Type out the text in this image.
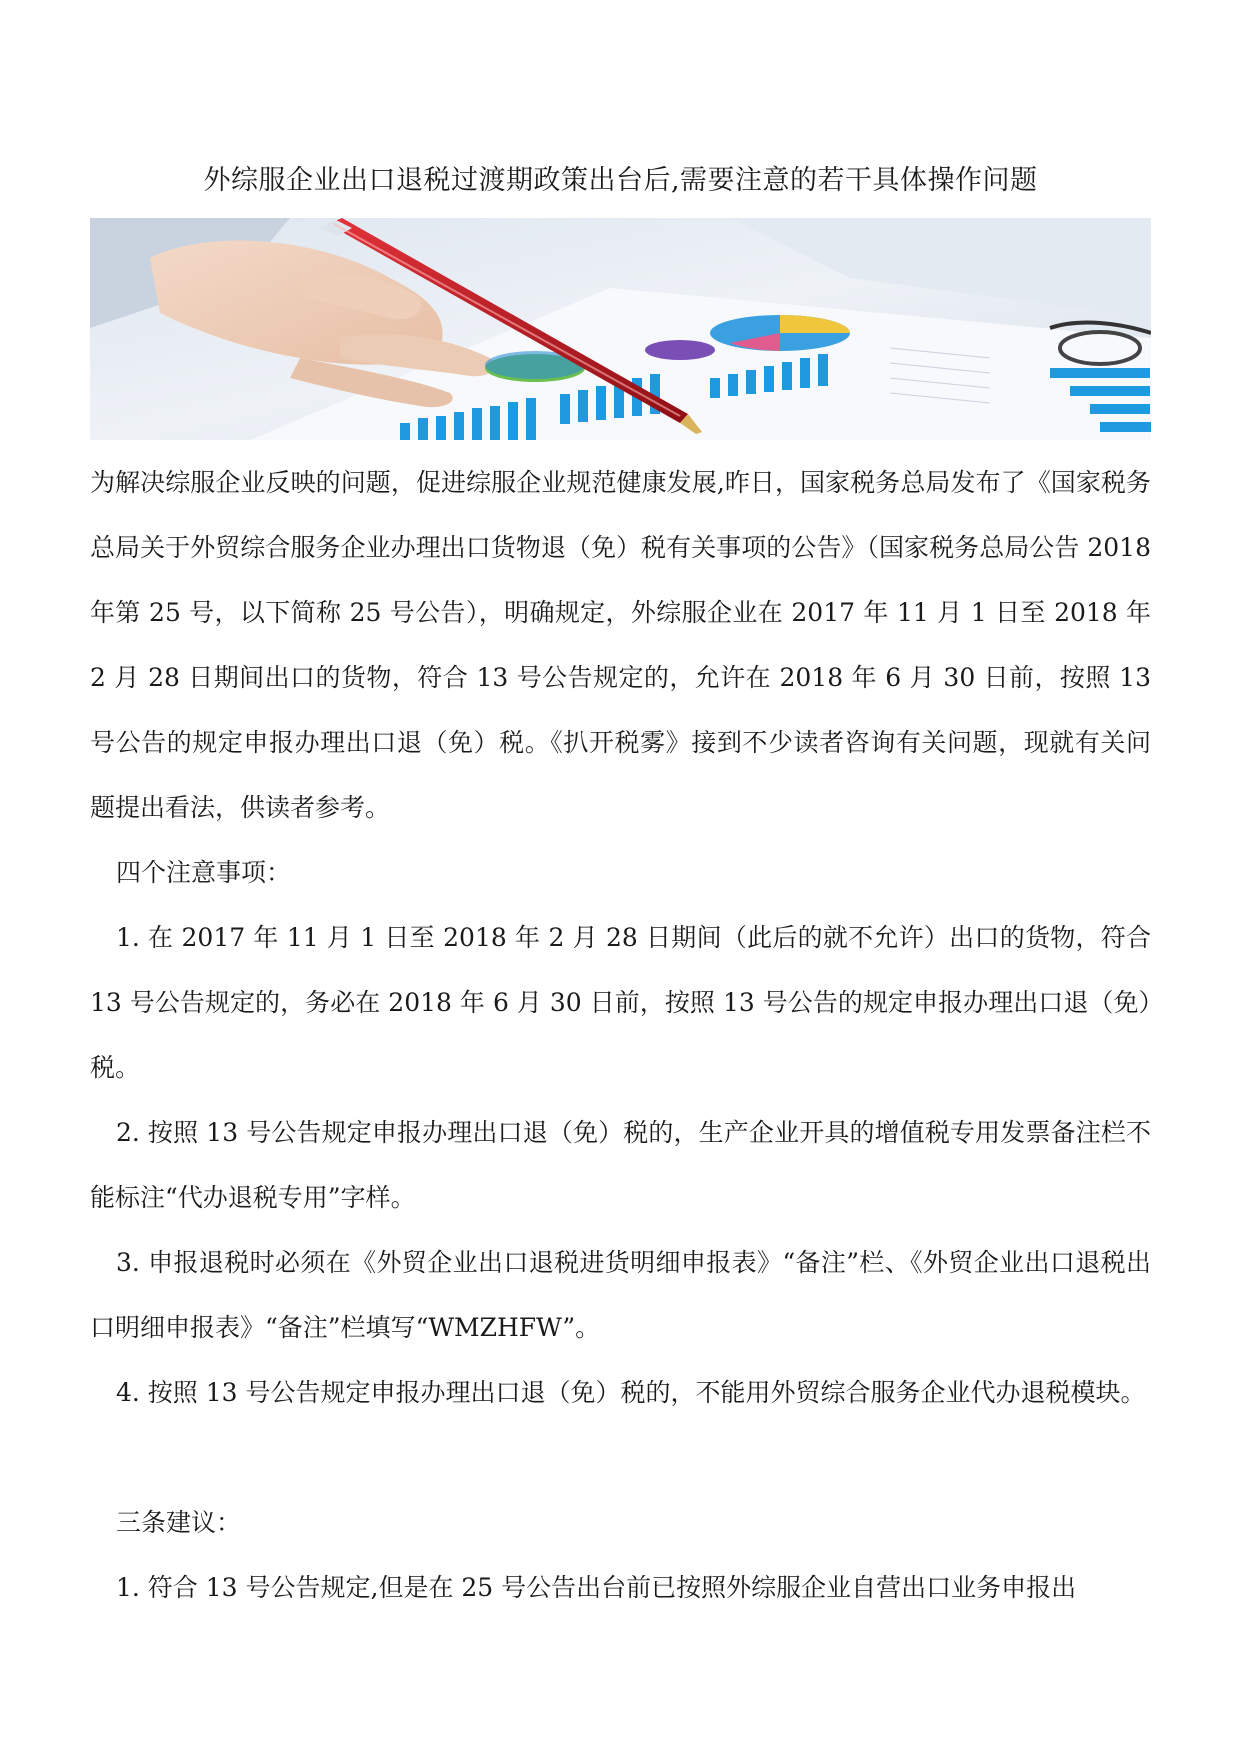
外综服企业出口退税过渡期政策出台后,需要注意的若干具体操作问题

为解决综服企业反映的问题，促进综服企业规范健康发展,昨日，国家税务总局发布了《国家税务总局关于外贸综合服务企业办理出口货物退（免）税有关事项的公告》（国家税务总局公告 2018 年第 25 号，以下简称 25 号公告），明确规定，外综服企业在 2017 年 11 月 1 日至 2018 年 2 月 28 日期间出口的货物，符合 13 号公告规定的，允许在 2018 年 6 月 30 日前，按照 13 号公告的规定申报办理出口退（免）税。《扒开税雾》接到不少读者咨询有关问题，现就有关问题提出看法，供读者参考。

四个注意事项：

1. 在 2017 年 11 月 1 日至 2018 年 2 月 28 日期间（此后的就不允许）出口的货物，符合 13 号公告规定的，务必在 2018 年 6 月 30 日前，按照 13 号公告的规定申报办理出口退（免）税。

2. 按照 13 号公告规定申报办理出口退（免）税的，生产企业开具的增值税专用发票备注栏不能标注“代办退税专用”字样。

3. 申报退税时必须在《外贸企业出口退税进货明细申报表》“备注”栏、《外贸企业出口退税出口明细申报表》“备注”栏填写“WMZHFW”。

4. 按照 13 号公告规定申报办理出口退（免）税的，不能用外贸综合服务企业代办退税模块。

三条建议：

1. 符合 13 号公告规定,但是在 25 号公告出台前已按照外综服企业自营出口业务申报出
